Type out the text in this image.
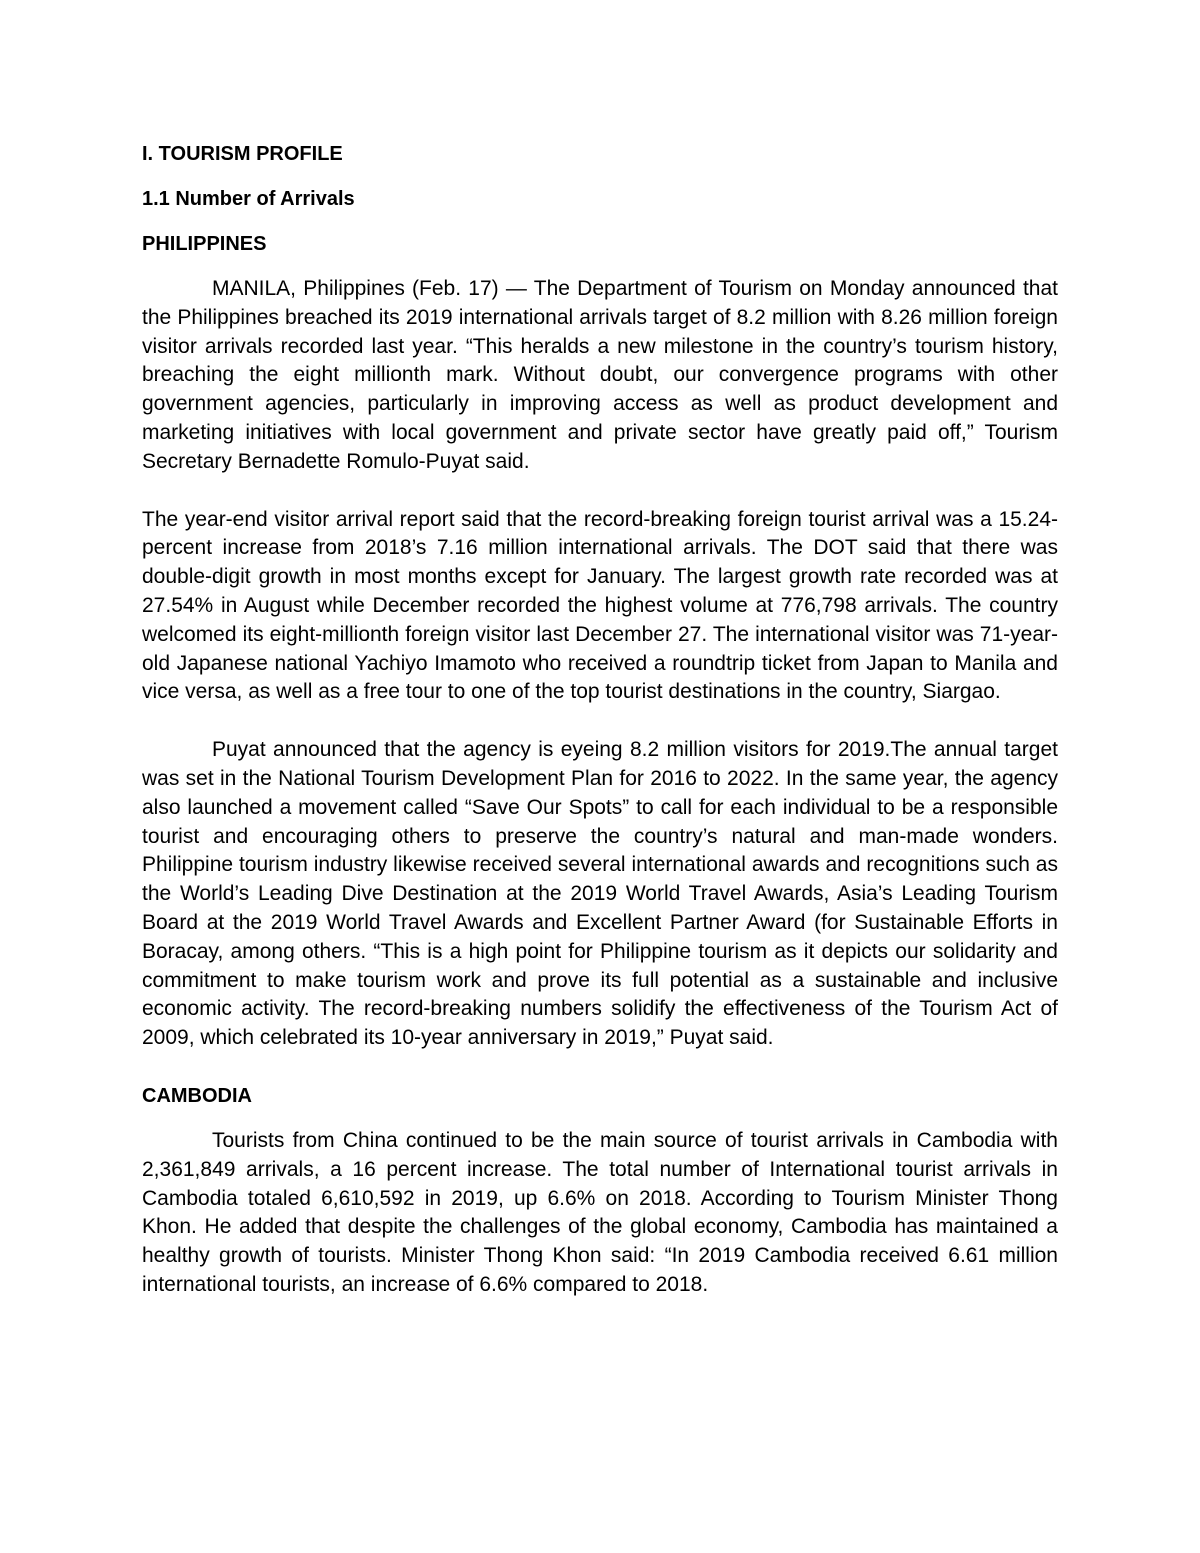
I. TOURISM PROFILE

1.1 Number of Arrivals

PHILIPPINES

MANILA, Philippines (Feb. 17) — The Department of Tourism on Monday announced that the Philippines breached its 2019 international arrivals target of 8.2 million with 8.26 million foreign visitor arrivals recorded last year. “This heralds a new milestone in the country’s tourism history, breaching the eight millionth mark. Without doubt, our convergence programs with other government agencies, particularly in improving access as well as product development and marketing initiatives with local government and private sector have greatly paid off,” Tourism Secretary Bernadette Romulo-Puyat said.

The year-end visitor arrival report said that the record-breaking foreign tourist arrival was a 15.24-percent increase from 2018’s 7.16 million international arrivals. The DOT said that there was double-digit growth in most months except for January. The largest growth rate recorded was at 27.54% in August while December recorded the highest volume at 776,798 arrivals. The country welcomed its eight-millionth foreign visitor last December 27. The international visitor was 71-year-old Japanese national Yachiyo Imamoto who received a roundtrip ticket from Japan to Manila and vice versa, as well as a free tour to one of the top tourist destinations in the country, Siargao.

Puyat announced that the agency is eyeing 8.2 million visitors for 2019.The annual target was set in the National Tourism Development Plan for 2016 to 2022. In the same year, the agency also launched a movement called “Save Our Spots” to call for each individual to be a responsible tourist and encouraging others to preserve the country’s natural and man-made wonders. Philippine tourism industry likewise received several international awards and recognitions such as the World’s Leading Dive Destination at the 2019 World Travel Awards, Asia’s Leading Tourism Board at the 2019 World Travel Awards and Excellent Partner Award (for Sustainable Efforts in Boracay, among others. “This is a high point for Philippine tourism as it depicts our solidarity and commitment to make tourism work and prove its full potential as a sustainable and inclusive economic activity. The record-breaking numbers solidify the effectiveness of the Tourism Act of 2009, which celebrated its 10-year anniversary in 2019,” Puyat said.

CAMBODIA

Tourists from China continued to be the main source of tourist arrivals in Cambodia with 2,361,849 arrivals, a 16 percent increase. The total number of International tourist arrivals in Cambodia totaled 6,610,592 in 2019, up 6.6% on 2018. According to Tourism Minister Thong Khon. He added that despite the challenges of the global economy, Cambodia has maintained a healthy growth of tourists. Minister Thong Khon said: “In 2019 Cambodia received 6.61 million international tourists, an increase of 6.6% compared to 2018.
